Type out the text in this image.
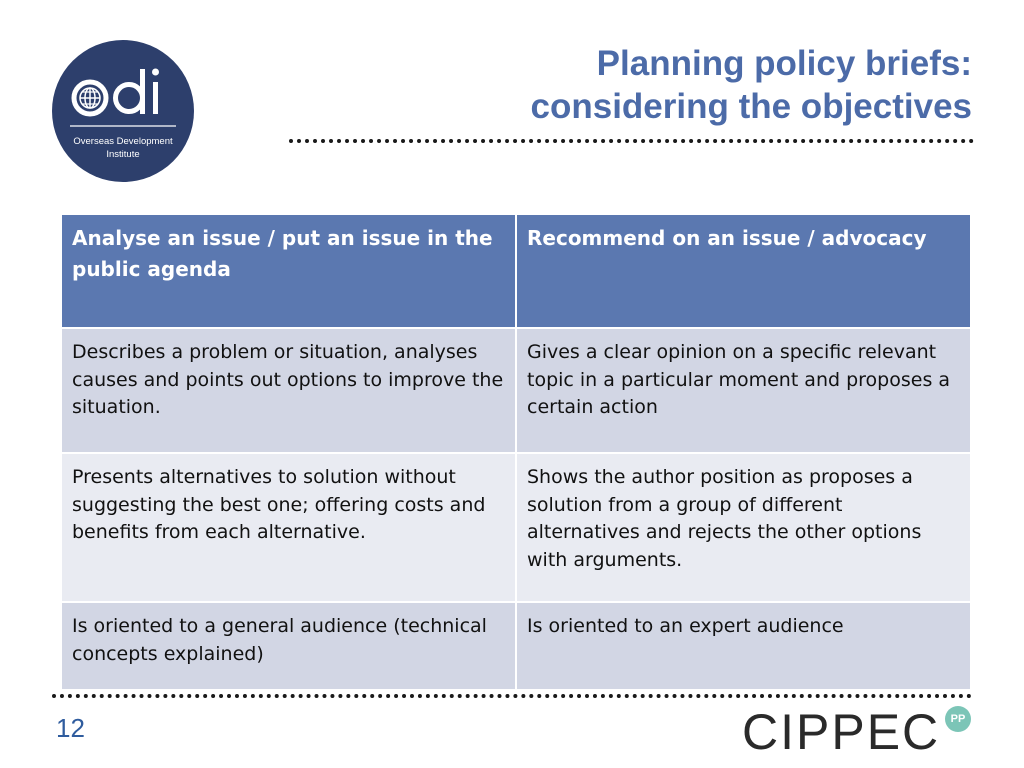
Overseas Development
Institute
Planning policy briefs:
considering the objectives
Analyse an issue / put an issue in the public agenda	Recommend on an issue / advocacy
Describes a problem or situation, analyses causes and points out options to improve the situation.	Gives a clear opinion on a specific relevant topic in a particular moment and proposes a certain action
Presents alternatives to solution without suggesting the best one; offering costs and benefits from each alternative.	Shows the author position as proposes a solution from a group of different alternatives and rejects the other options with arguments.
Is oriented to a general audience (technical concepts explained)	Is oriented to an expert audience
12	CIPPEC PP
